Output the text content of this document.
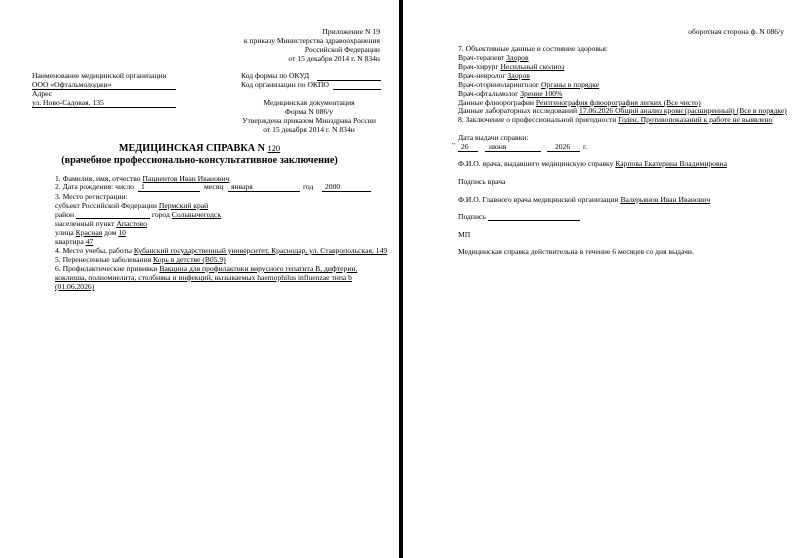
Приложение N 19
к приказу Министерства здравоохранения
Российской Федерации
от 15 декабря 2014 г. N 834н
Наименование медицинской организации
ООО «Офтальмолоджи»
Адрес
ул. Ново-Садовая, 135
Код формы по ОКУД
Код организации по ОКПО
Медицинская документация
Форма N 086/у
Утверждена приказом Минздрава России
от 15 декабря 2014 г. N 834н
МЕДИЦИНСКАЯ СПРАВКА N 120
(врачебное профессионально-консультативное заключение)
1. Фамилия, имя, отчество Пациентов Иван Иванович
2. Дата рождения: число 1	месяц	января	год	2000
3. Место регистрации:
субъект Российской Федерации Пермский край
район	город Сольвычегодск
населенный пункт Апастово
улица Красная дом 10
квартира 47
4. Место учебы, работы Кубанский государственный университет, Краснодар, ул. Ставропольская, 149
5. Перенесенные заболевания Корь в детстве (B05.9)
6. Профилактические прививки Вакцина для профилактики вирусного гепатита B, дифтерии,
коклюша, полиомиелита, столбняка и инфекций, вызываемых haemophilus influenzae типа b
(01.06.2026)
оборотная сторона ф. N 086/у
7. Объективные данные и состояние здоровья:
Врач-терапевт Здоров
Врач-хирург Несильный сколиоз
Врач-невролог Здоров
Врач-оториноларинголог Органы в порядке
Врач-офтальмолог Зрение 100%
Данные флюорографии Рентгенография флюорография легких (Все чисто)
Данные лабораторных исследований 17.06.2026 Общий анализ крови (расширенный) (Все в порядке)
8. Заключение о профессиональной пригодности Годен, Противопоказаний к работе не выявлено
Дата выдачи справки:
" 26	июня	2026	г.
Ф.И.О. врача, выдавшего медицинскую справку Карпова Екатерина Владимировна
Подпись врача
Ф.И.О. Главного врача медицинской организации Валерьянов Иван Иванович
Подпись
МП
Медицинская справка действительна в течение 6 месяцев со дня выдачи.
